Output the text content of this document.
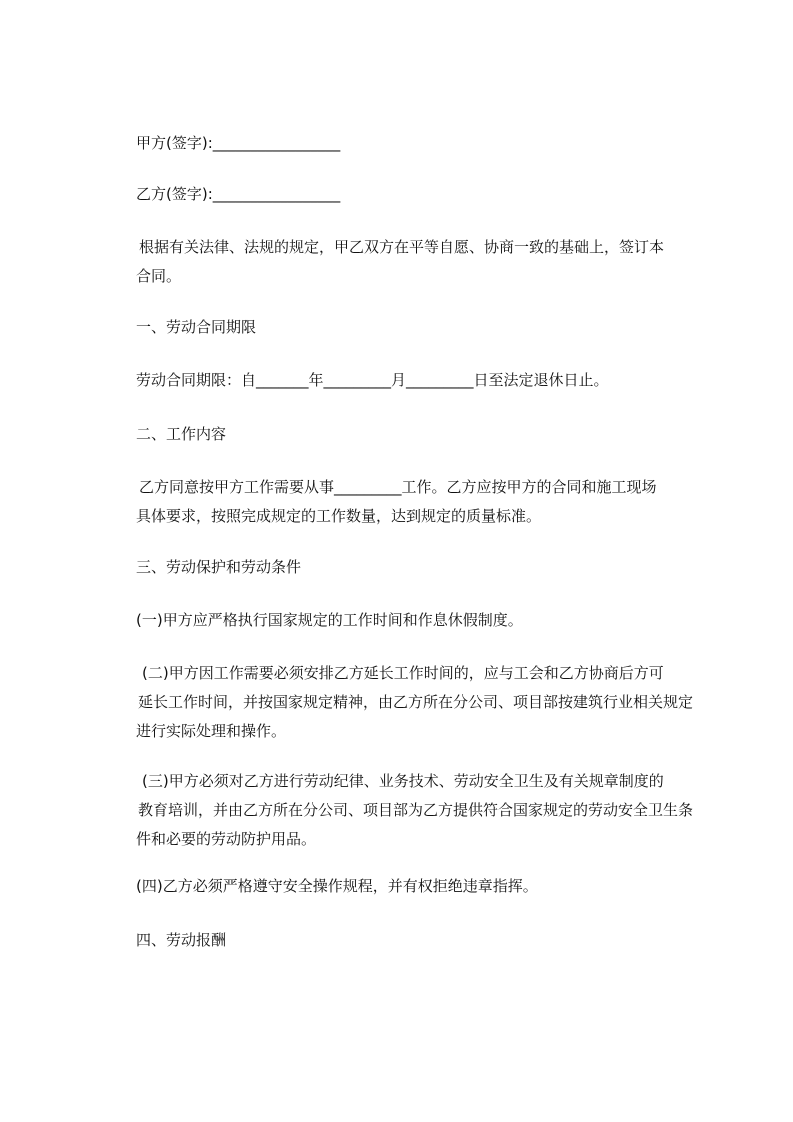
甲方(签字):_________________
乙方(签字):_________________
根据有关法律、法规的规定，甲乙双方在平等自愿、协商一致的基础上，签订本
合同。
一、劳动合同期限
劳动合同期限：自_______年_________月_________日至法定退休日止。
二、工作内容
乙方同意按甲方工作需要从事_________工作。乙方应按甲方的合同和施工现场
具体要求，按照完成规定的工作数量，达到规定的质量标准。
三、劳动保护和劳动条件
(一)甲方应严格执行国家规定的工作时间和作息休假制度。
(二)甲方因工作需要必须安排乙方延长工作时间的，应与工会和乙方协商后方可
延长工作时间，并按国家规定精神，由乙方所在分公司、项目部按建筑行业相关规定
进行实际处理和操作。
(三)甲方必须对乙方进行劳动纪律、业务技术、劳动安全卫生及有关规章制度的
教育培训，并由乙方所在分公司、项目部为乙方提供符合国家规定的劳动安全卫生条
件和必要的劳动防护用品。
(四)乙方必须严格遵守安全操作规程，并有权拒绝违章指挥。
四、劳动报酬
